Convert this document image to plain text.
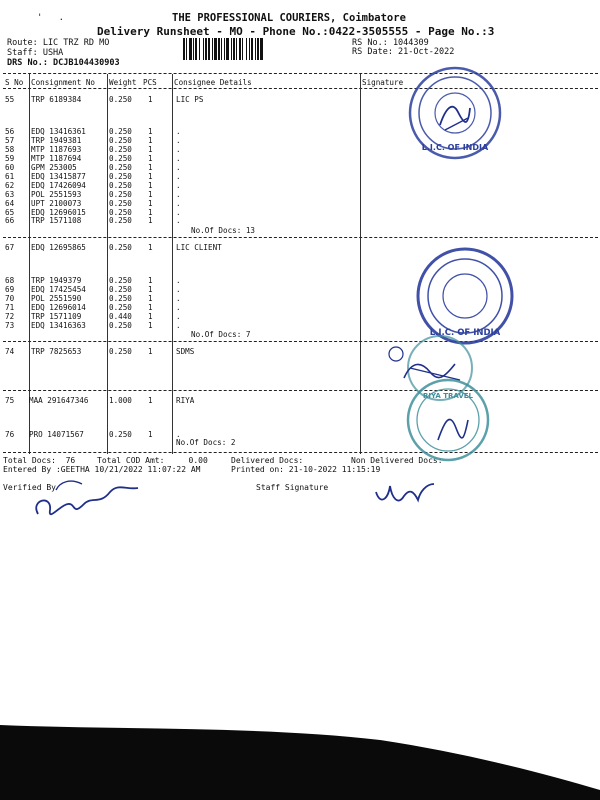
'   .	THE PROFESSIONAL COURIERS, Coimbatore
Delivery Runsheet - MO - Phone No.:0422-3505555 - Page No.:3
Route: LIC TRZ RD MO
Staff: USHA
DRS No.: DCJB104430903
RS No.: 1044309
RS Date: 21-Oct-2022
S No Consignment No Weight PCS Consignee Details	Signature
55 TRP 6189384	0.250 1	LIC PS
56 EDQ 13416361	0.250 1	.
57 TRP 1949381	0.250 1	.
58 MTP 1187693	0.250 1	.
59 MTP 1187694	0.250 1	.
60 GPM 253005	0.250 1	.
61 EDQ 13415877	0.250 1	.
62 EDQ 17426094	0.250 1	.
63 POL 2551593	0.250 1	.
64 UPT 2100073	0.250 1	.
65 EDQ 12696015	0.250 1	.
66 TRP 1571108	0.250 1	.
No.Of Docs: 13
67 EDQ 12695865	0.250 1	LIC CLIENT
68 TRP 1949379	0.250 1	.
69 EDQ 17425454	0.250 1	.
70 POL 2551590	0.250 1	.
71 EDQ 12696014	0.250 1	.
72 TRP 1571109	0.440 1	.
73 EDQ 13416363	0.250 1	.
No.Of Docs: 7
74 TRP 7825653	0.250 1	SDMS
75 MAA 291647346	1.000 1	RIYA
76 PRO 14071567	0.250 1	.
No.Of Docs: 2
Total Docs:  76	Total COD Amt:     0.00	Delivered Docs:	Non Delivered Docs:
Entered By :GEETHA 10/21/2022 11:07:22 AM	Printed on: 21-10-2022 11:15:19
Verified By	Staff Signature
L.I.C. OF INDIA
L.I.C. OF INDIA
RIYA TRAVEL
